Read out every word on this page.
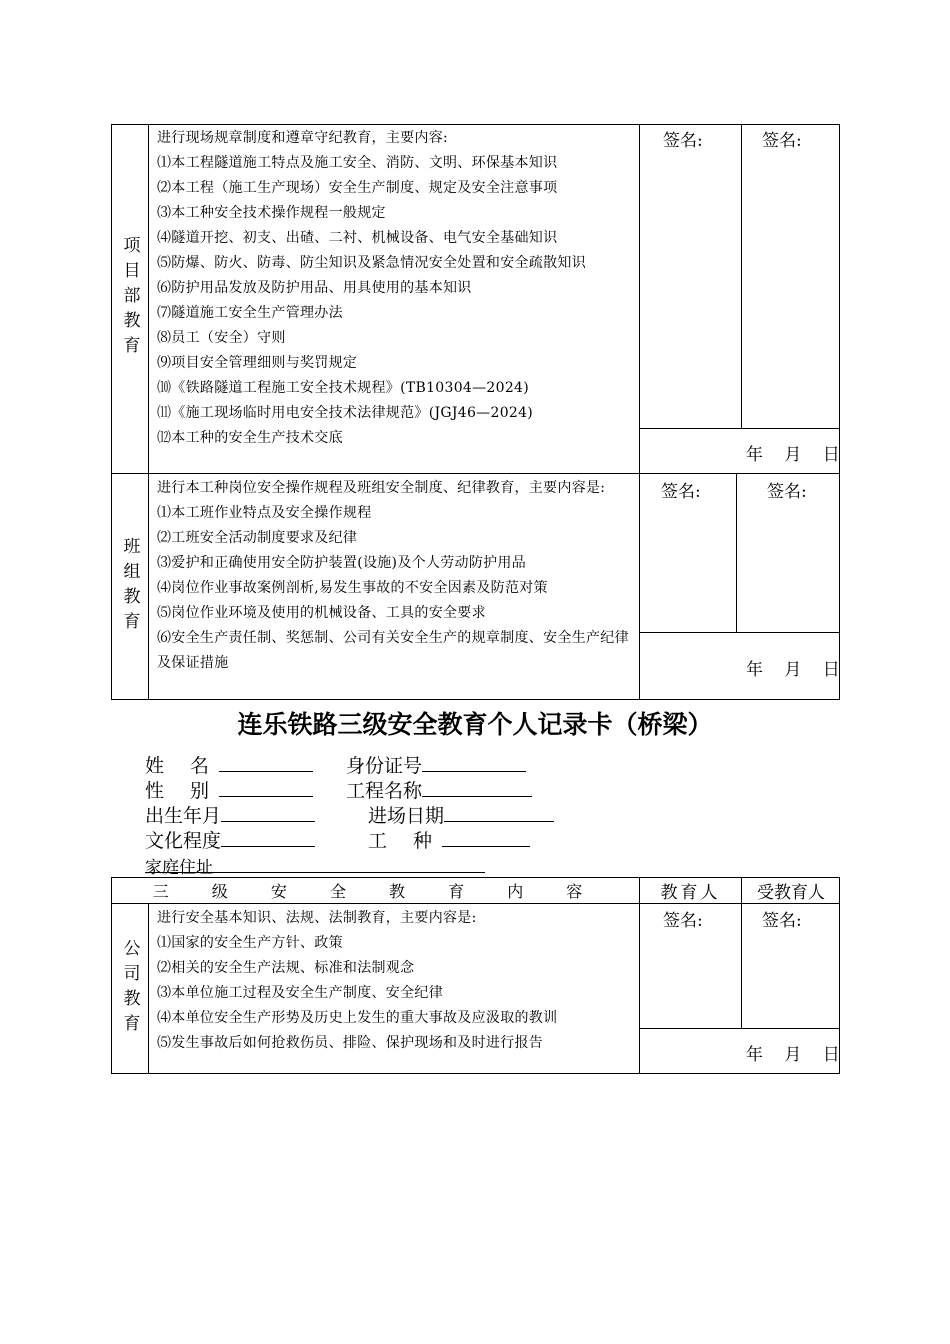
项目部教育
进行现场规章制度和遵章守纪教育，主要内容:
⑴本工程隧道施工特点及施工安全、消防、文明、环保基本知识
⑵本工程（施工生产现场）安全生产制度、规定及安全注意事项
⑶本工种安全技术操作规程一般规定
⑷隧道开挖、初支、出碴、二衬、机械设备、电气安全基础知识
⑸防爆、防火、防毒、防尘知识及紧急情况安全处置和安全疏散知识
⑹防护用品发放及防护用品、用具使用的基本知识
⑺隧道施工安全生产管理办法
⑻员工（安全）守则
⑼项目安全管理细则与奖罚规定
⑽《铁路隧道工程施工安全技术规程》(TB10304—2024)
⑾《施工现场临时用电安全技术法律规范》(JGJ46—2024)
⑿本工种的安全生产技术交底
签名:	签名:
年 月 日
班组教育
进行本工种岗位安全操作规程及班组安全制度、纪律教育，主要内容是:
⑴本工班作业特点及安全操作规程
⑵工班安全活动制度要求及纪律
⑶爱护和正确使用安全防护装置(设施)及个人劳动防护用品
⑷岗位作业事故案例剖析,易发生事故的不安全因素及防范对策
⑸岗位作业环境及使用的机械设备、工具的安全要求
⑹安全生产责任制、奖惩制、公司有关安全生产的规章制度、安全生产纪律及保证措施
签名:	签名:
年 月 日
连乐铁路三级安全教育个人记录卡（桥梁）
姓 名	身份证号
性 别	工程名称
出生年月	进场日期
文化程度	工 种
家庭住址
三 级 安 全 教 育 内 容	教育人	受教育人
公司教育
进行安全基本知识、法规、法制教育，主要内容是:
⑴国家的安全生产方针、政策
⑵相关的安全生产法规、标准和法制观念
⑶本单位施工过程及安全生产制度、安全纪律
⑷本单位安全生产形势及历史上发生的重大事故及应汲取的教训
⑸发生事故后如何抢救伤员、排险、保护现场和及时进行报告
签名:	签名:
年 月 日
